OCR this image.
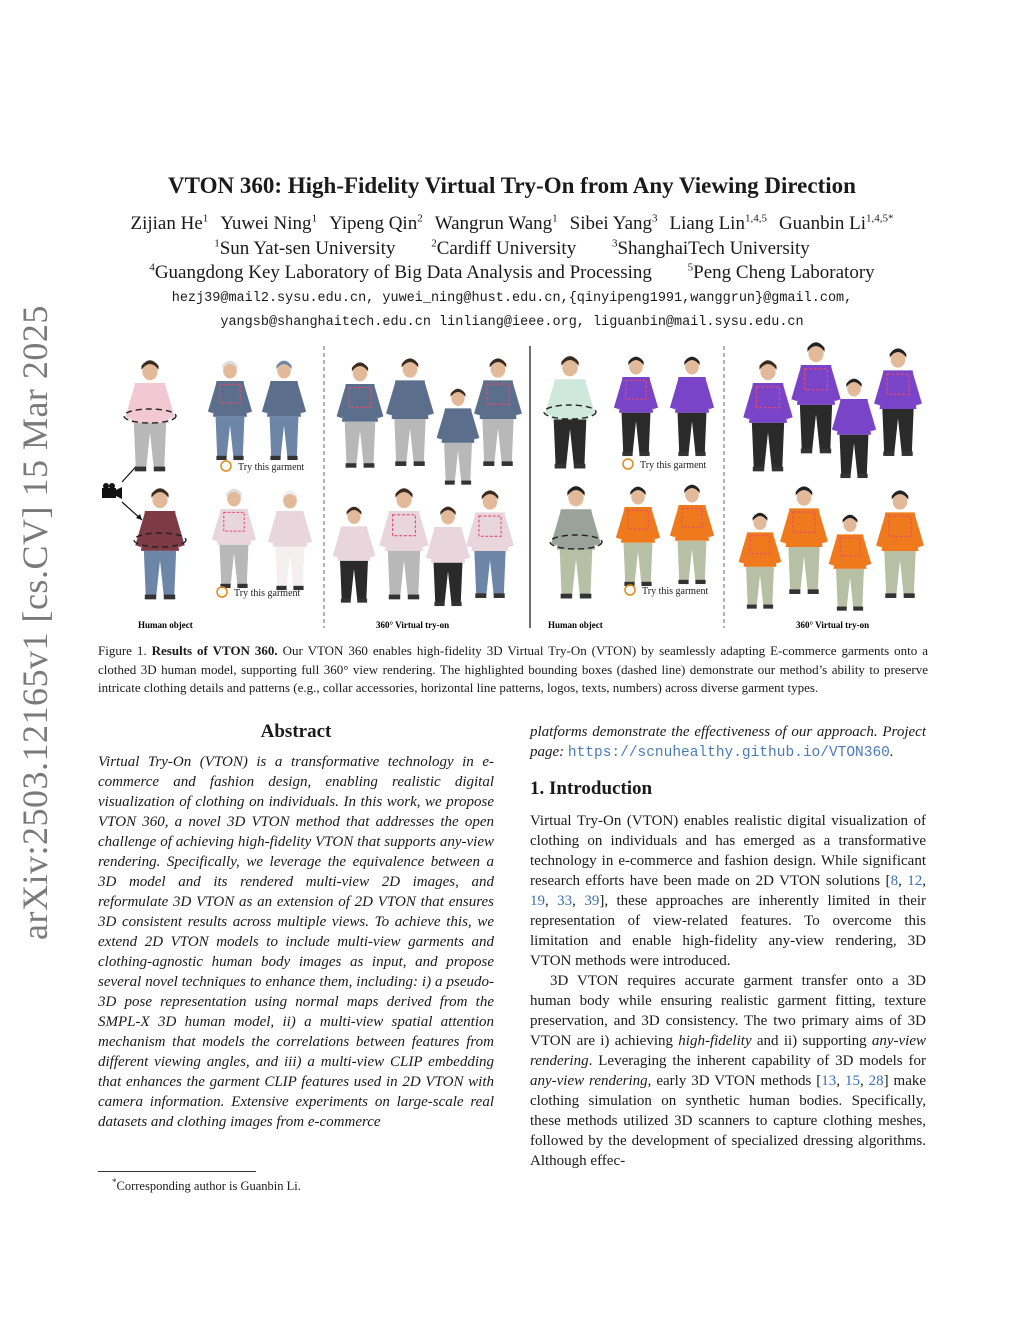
arXiv:2503.12165v1 [cs.CV] 15 Mar 2025
VTON 360: High-Fidelity Virtual Try-On from Any Viewing Direction
Zijian He$^1$ Yuwei Ning$^1$ Yipeng Qin$^2$ Wangrun Wang$^1$ Sibei Yang$^3$ Liang Lin$^{1,4,5}$ Guanbin $Li^{1,4,5*}$
$^1$Sun Yat-sen University	$^2$Cardiff University	$^3$ShanghaiTech University
$^4$Guangdong Key Laboratory of Big Data Analysis and Processing	$^5$Peng Cheng Laboratory
hezj39@mail2.sysu.edu.cn, yuwei_ning@hust.edu.cn,{qinyipeng1991,wanggrun}@gmail.com,
yangsb@shanghaitech.edu.cn linliang@ieee.org, liguanbin@mail.sysu.edu.cn
Try this garment
Try this garment
Try this garment
Try this garment
Human object	360° Virtual try-on	Human object	360° Virtual try-on
Figure 1. Results of VTON 360. Our VTON 360 enables high-fidelity 3D Virtual Try-On (VTON) by seamlessly adapting E-commerce garments onto a clothed 3D human model, supporting full 360° view rendering. The highlighted bounding boxes (dashed line) demonstrate our method’s ability to preserve intricate clothing details and patterns (e.g., collar accessories, horizontal line patterns, logos, texts, numbers) across diverse garment types.

Abstract

Virtual Try-On (VTON) is a transformative technology in e-commerce and fashion design, enabling realistic digital visualization of clothing on individuals. In this work, we propose VTON 360, a novel 3D VTON method that addresses the open challenge of achieving high-fidelity VTON that supports any-view rendering. Specifically, we leverage the equivalence between a 3D model and its rendered multi-view 2D images, and reformulate 3D VTON as an extension of 2D VTON that ensures 3D consistent results across multiple views. To achieve this, we extend 2D VTON models to include multi-view garments and clothing-agnostic human body images as input, and propose several novel techniques to enhance them, including: i) a pseudo-3D pose representation using normal maps derived from the SMPL-X 3D human model, ii) a multi-view spatial attention mechanism that models the correlations between features from different viewing angles, and iii) a multi-view CLIP embedding that enhances the garment CLIP features used in 2D VTON with camera information. Extensive experiments on large-scale real datasets and clothing images from e-commerce

platforms demonstrate the effectiveness of our approach. Project page: https://scnuhealthy.github.io/VTON360.

1. Introduction

Virtual Try-On (VTON) enables realistic digital visualization of clothing on individuals and has emerged as a transformative technology in e-commerce and fashion design. While significant research efforts have been made on 2D VTON solutions [8, 12, 19, 33, 39], these approaches are inherently limited in their representation of view-related features. To overcome this limitation and enable high-fidelity any-view rendering, 3D VTON methods were introduced.

3D VTON requires accurate garment transfer onto a 3D human body while ensuring realistic garment fitting, texture preservation, and 3D consistency. The two primary aims of 3D VTON are i) achieving high-fidelity and ii) supporting any-view rendering. Leveraging the inherent capability of 3D models for any-view rendering, early 3D VTON methods [13, 15, 28] make clothing simulation on synthetic human bodies. Specifically, these methods utilized 3D scanners to capture clothing meshes, followed by the development of specialized dressing algorithms. Although effec-

*Corresponding author is Guanbin Li.
